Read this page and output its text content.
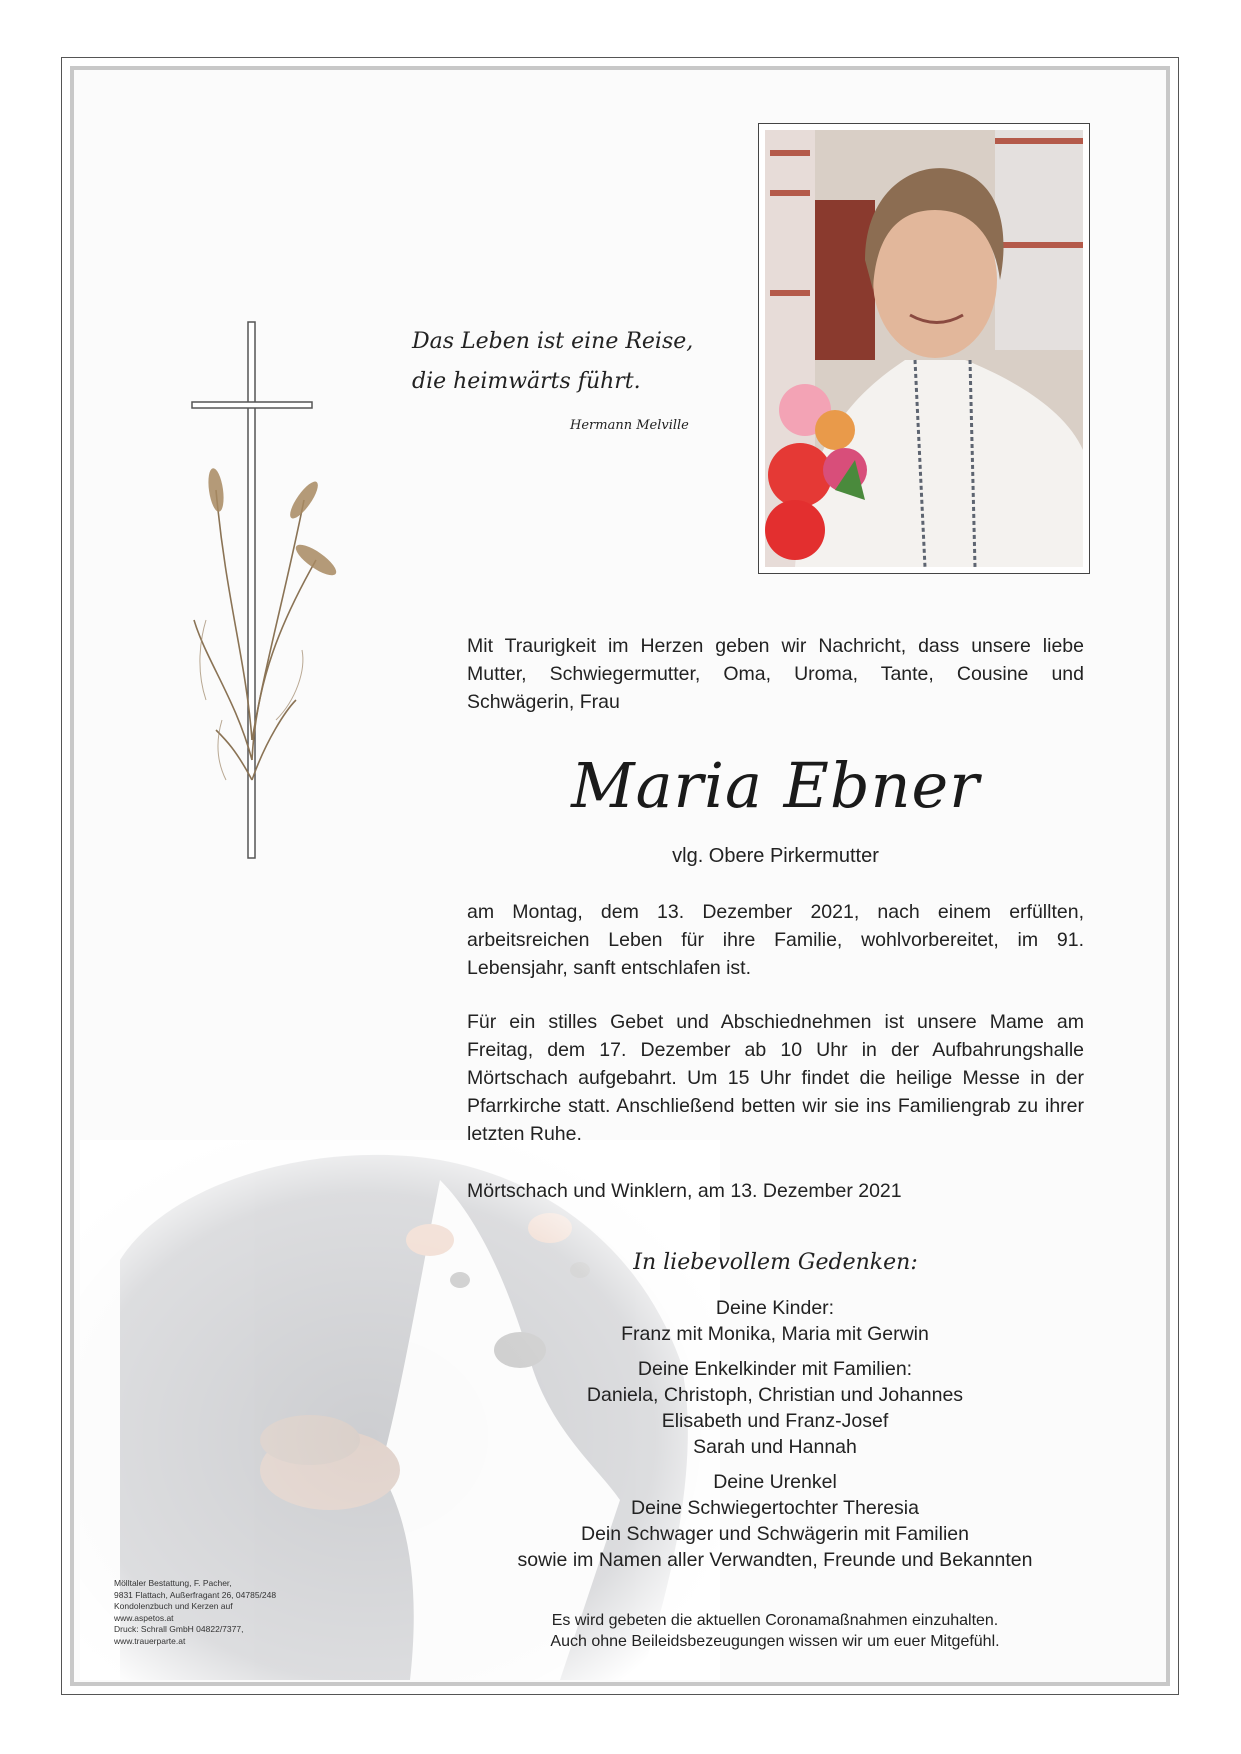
Das Leben ist eine Reise,
die heimwärts führt.
Hermann Melville
Mit Traurigkeit im Herzen geben wir Nachricht, dass unsere liebe Mutter, Schwiegermutter, Oma, Uroma, Tante, Cousine und Schwägerin, Frau
Maria Ebner
vlg. Obere Pirkermutter
am Montag, dem 13. Dezember 2021, nach einem erfüllten, arbeitsreichen Leben für ihre Familie, wohlvorbereitet, im 91. Lebensjahr, sanft entschlafen ist.
Für ein stilles Gebet und Abschiednehmen ist unsere Mame am Freitag, dem 17. Dezember ab 10 Uhr in der Aufbahrungshalle Mörtschach aufgebahrt. Um 15 Uhr findet die heilige Messe in der Pfarrkirche statt. Anschließend betten wir sie ins Familiengrab zu ihrer letzten Ruhe.
Mörtschach und Winklern, am 13. Dezember 2021
In liebevollem Gedenken:
Deine Kinder:
Franz mit Monika, Maria mit Gerwin
Deine Enkelkinder mit Familien:
Daniela, Christoph, Christian und Johannes
Elisabeth und Franz-Josef
Sarah und Hannah
Deine Urenkel
Deine Schwiegertochter Theresia
Dein Schwager und Schwägerin mit Familien
sowie im Namen aller Verwandten, Freunde und Bekannten
Es wird gebeten die aktuellen Coronamaßnahmen einzuhalten.
Auch ohne Beileidsbezeugungen wissen wir um euer Mitgefühl.
Mölltaler Bestattung, F. Pacher,
9831 Flattach, Außerfragant 26, 04785/248
Kondolenzbuch und Kerzen auf
www.aspetos.at
Druck: Schrall GmbH 04822/7377,
www.trauerparte.at
